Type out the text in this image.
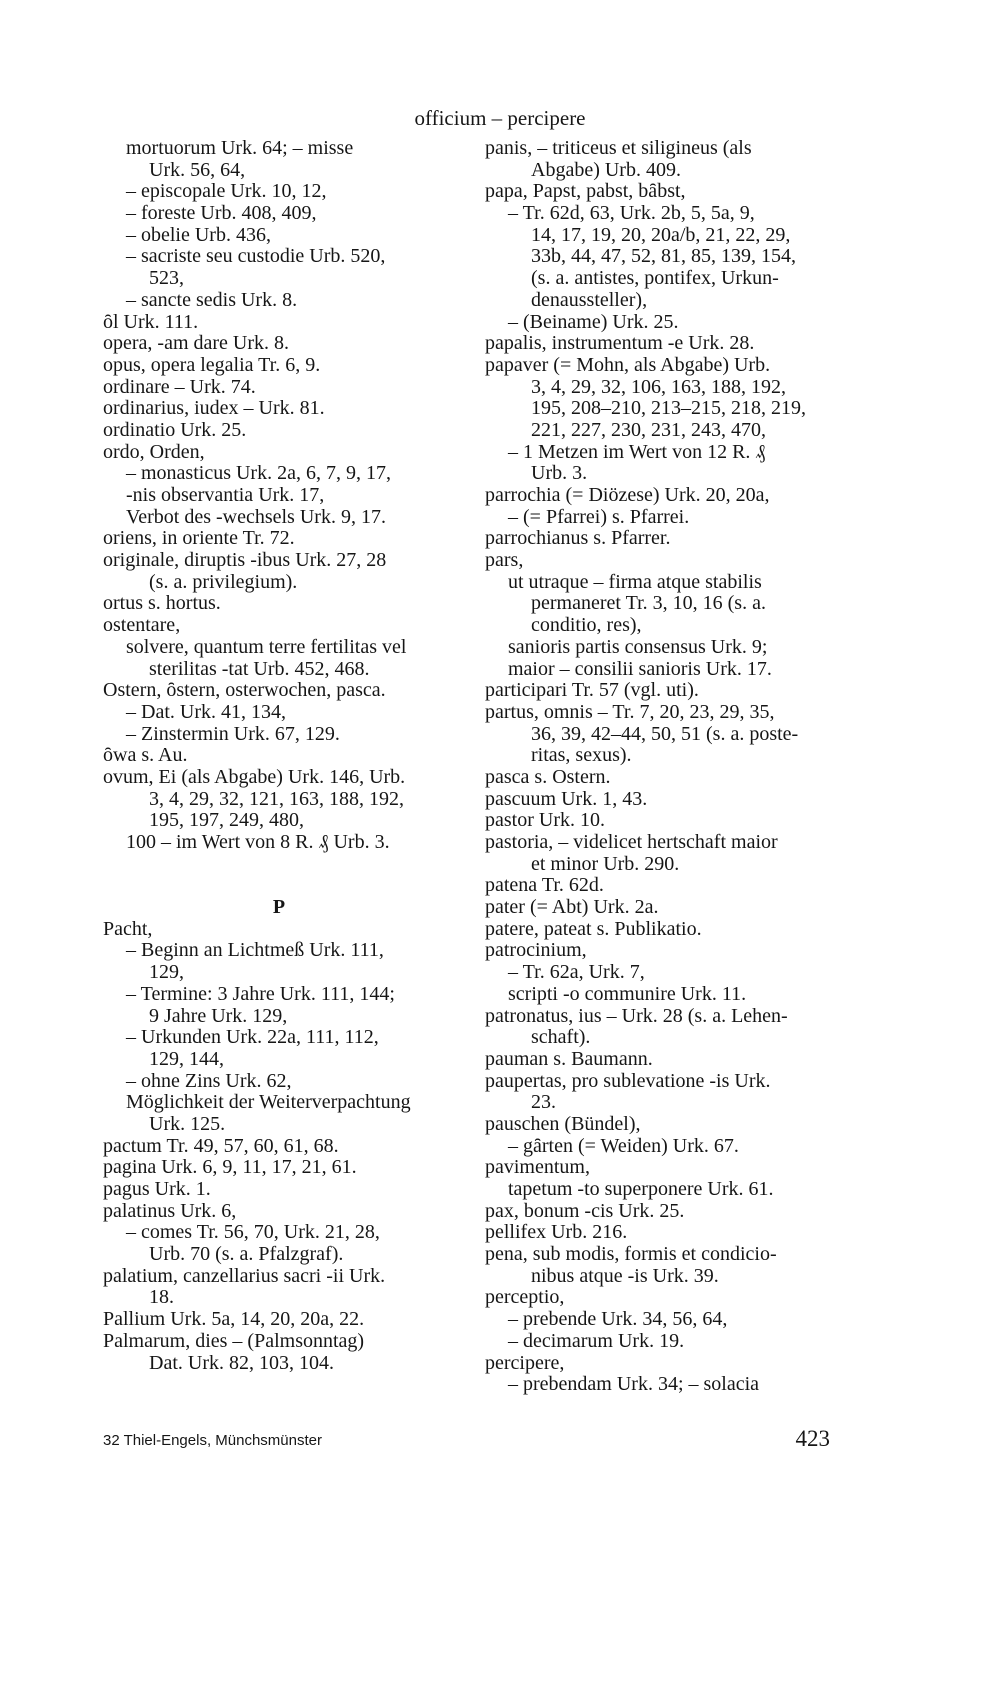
officium – percipere
mortuorum Urk. 64; – misse
Urk. 56, 64,
– episcopale Urk. 10, 12,
– foreste Urb. 408, 409,
– obelie Urb. 436,
– sacriste seu custodie Urb. 520,
523,
– sancte sedis Urk. 8.
ȏl Urk. 111.
opera, -am dare Urk. 8.
opus, opera legalia Tr. 6, 9.
ordinare – Urk. 74.
ordinarius, iudex – Urk. 81.
ordinatio Urk. 25.
ordo, Orden,
– monasticus Urk. 2a, 6, 7, 9, 17,
-nis observantia Urk. 17,
Verbot des -wechsels Urk. 9, 17.
oriens, in oriente Tr. 72.
originale, diruptis -ibus Urk. 27, 28
(s. a. privilegium).
ortus s. hortus.
ostentare,
solvere, quantum terre fertilitas vel
sterilitas -tat Urb. 452, 468.
Ostern, ȏstern, osterwochen, pasca.
– Dat. Urk. 41, 134,
– Zinstermin Urk. 67, 129.
ȏwa s. Au.
ovum, Ei (als Abgabe) Urk. 146, Urb.
3, 4, 29, 32, 121, 163, 188, 192,
195, 197, 249, 480,
100 – im Wert von 8 R. ₰ Urb. 3.
P
Pacht,
– Beginn an Lichtmeß Urk. 111,
129,
– Termine: 3 Jahre Urk. 111, 144;
9 Jahre Urk. 129,
– Urkunden Urk. 22a, 111, 112,
129, 144,
– ohne Zins Urk. 62,
Möglichkeit der Weiterverpachtung
Urk. 125.
pactum Tr. 49, 57, 60, 61, 68.
pagina Urk. 6, 9, 11, 17, 21, 61.
pagus Urk. 1.
palatinus Urk. 6,
– comes Tr. 56, 70, Urk. 21, 28,
Urb. 70 (s. a. Pfalzgraf).
palatium, canzellarius sacri -ii Urk.
18.
Pallium Urk. 5a, 14, 20, 20a, 22.
Palmarum, dies – (Palmsonntag)
Dat. Urk. 82, 103, 104.
panis, – triticeus et siligineus (als
Abgabe) Urb. 409.
papa, Papst, pabst, bȃbst,
– Tr. 62d, 63, Urk. 2b, 5, 5a, 9,
14, 17, 19, 20, 20a/b, 21, 22, 29,
33b, 44, 47, 52, 81, 85, 139, 154,
(s. a. antistes, pontifex, Urkun-
denaussteller),
– (Beiname) Urk. 25.
papalis, instrumentum -e Urk. 28.
papaver (= Mohn, als Abgabe) Urb.
3, 4, 29, 32, 106, 163, 188, 192,
195, 208–210, 213–215, 218, 219,
221, 227, 230, 231, 243, 470,
– 1 Metzen im Wert von 12 R. ₰
Urb. 3.
parrochia (= Diözese) Urk. 20, 20a,
– (= Pfarrei) s. Pfarrei.
parrochianus s. Pfarrer.
pars,
ut utraque – firma atque stabilis
permaneret Tr. 3, 10, 16 (s. a.
conditio, res),
sanioris partis consensus Urk. 9;
maior – consilii sanioris Urk. 17.
participari Tr. 57 (vgl. uti).
partus, omnis – Tr. 7, 20, 23, 29, 35,
36, 39, 42–44, 50, 51 (s. a. poste-
ritas, sexus).
pasca s. Ostern.
pascuum Urk. 1, 43.
pastor Urk. 10.
pastoria, – videlicet hertschaft maior
et minor Urb. 290.
patena Tr. 62d.
pater (= Abt) Urk. 2a.
patere, pateat s. Publikatio.
patrocinium,
– Tr. 62a, Urk. 7,
scripti -o communire Urk. 11.
patronatus, ius – Urk. 28 (s. a. Lehen-
schaft).
pauman s. Baumann.
paupertas, pro sublevatione -is Urk.
23.
pauschen (Bündel),
– gȃrten (= Weiden) Urk. 67.
pavimentum,
tapetum -to superponere Urk. 61.
pax, bonum -cis Urk. 25.
pellifex Urb. 216.
pena, sub modis, formis et condicio-
nibus atque -is Urk. 39.
perceptio,
– prebende Urk. 34, 56, 64,
– decimarum Urk. 19.
percipere,
– prebendam Urk. 34; – solacia
32 Thiel-Engels, Münchsmünster	423
